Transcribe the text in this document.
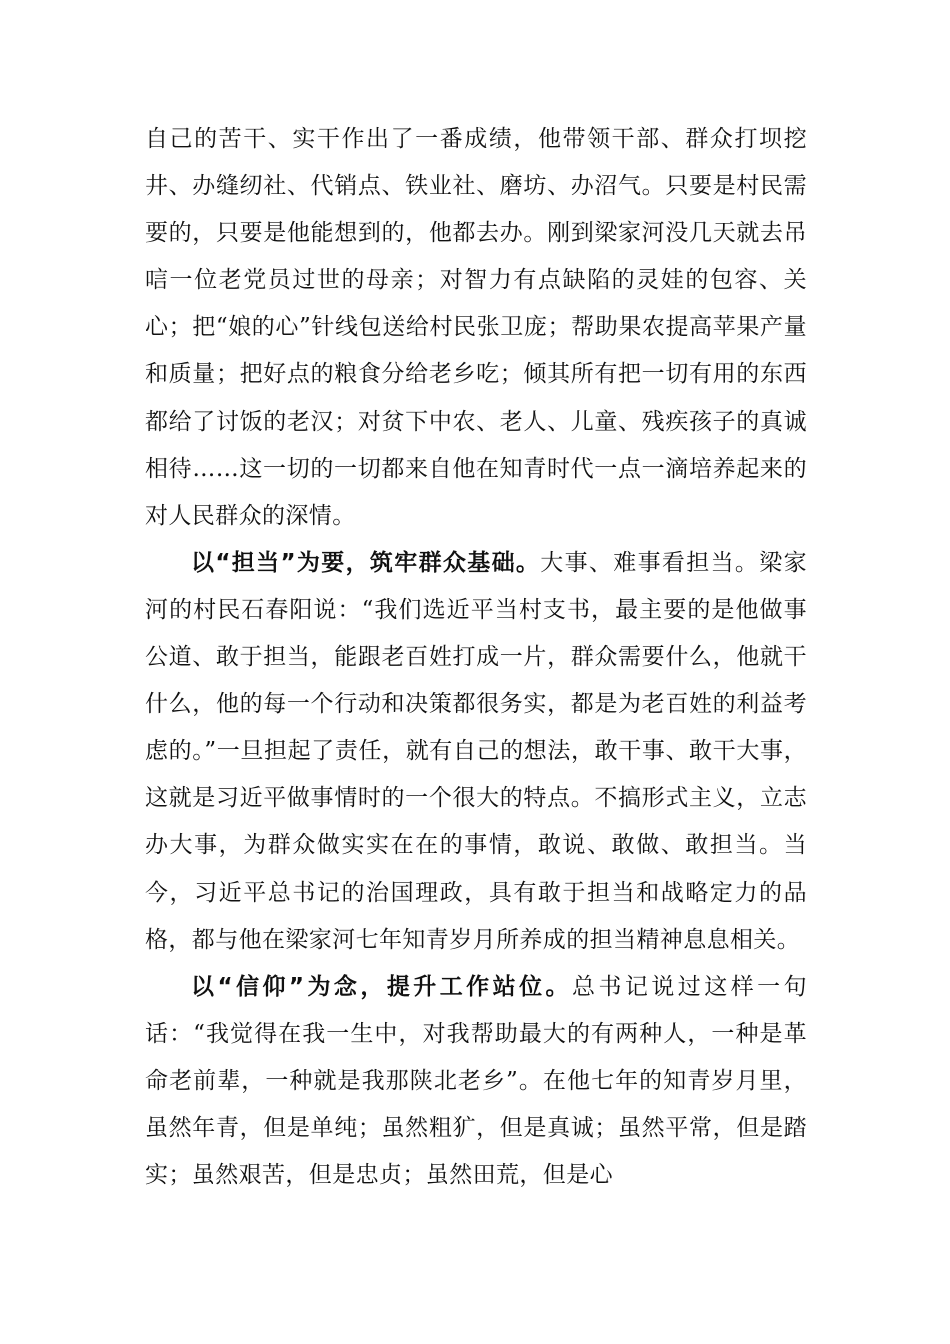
自己的苦干、实干作出了一番成绩，他带领干部、群众打坝挖井、办缝纫社、代销点、铁业社、磨坊、办沼气。只要是村民需要的，只要是他能想到的，他都去办。刚到梁家河没几天就去吊唁一位老党员过世的母亲；对智力有点缺陷的灵娃的包容、关心；把“娘的心”针线包送给村民张卫庞；帮助果农提高苹果产量和质量；把好点的粮食分给老乡吃；倾其所有把一切有用的东西都给了讨饭的老汉；对贫下中农、老人、儿童、残疾孩子的真诚相待……这一切的一切都来自他在知青时代一点一滴培养起来的对人民群众的深情。

以“担当”为要，筑牢群众基础。大事、难事看担当。梁家河的村民石春阳说：“我们选近平当村支书，最主要的是他做事公道、敢于担当，能跟老百姓打成一片，群众需要什么，他就干什么，他的每一个行动和决策都很务实，都是为老百姓的利益考虑的。”一旦担起了责任，就有自己的想法，敢干事、敢干大事，这就是习近平做事情时的一个很大的特点。不搞形式主义，立志办大事，为群众做实实在在的事情，敢说、敢做、敢担当。当今，习近平总书记的治国理政，具有敢于担当和战略定力的品格，都与他在梁家河七年知青岁月所养成的担当精神息息相关。

以“信仰”为念，提升工作站位。总书记说过这样一句话：“我觉得在我一生中，对我帮助最大的有两种人，一种是革命老前辈，一种就是我那陕北老乡”。在他七年的知青岁月里，虽然年青，但是单纯；虽然粗犷，但是真诚；虽然平常，但是踏实；虽然艰苦，但是忠贞；虽然田荒，但是心
